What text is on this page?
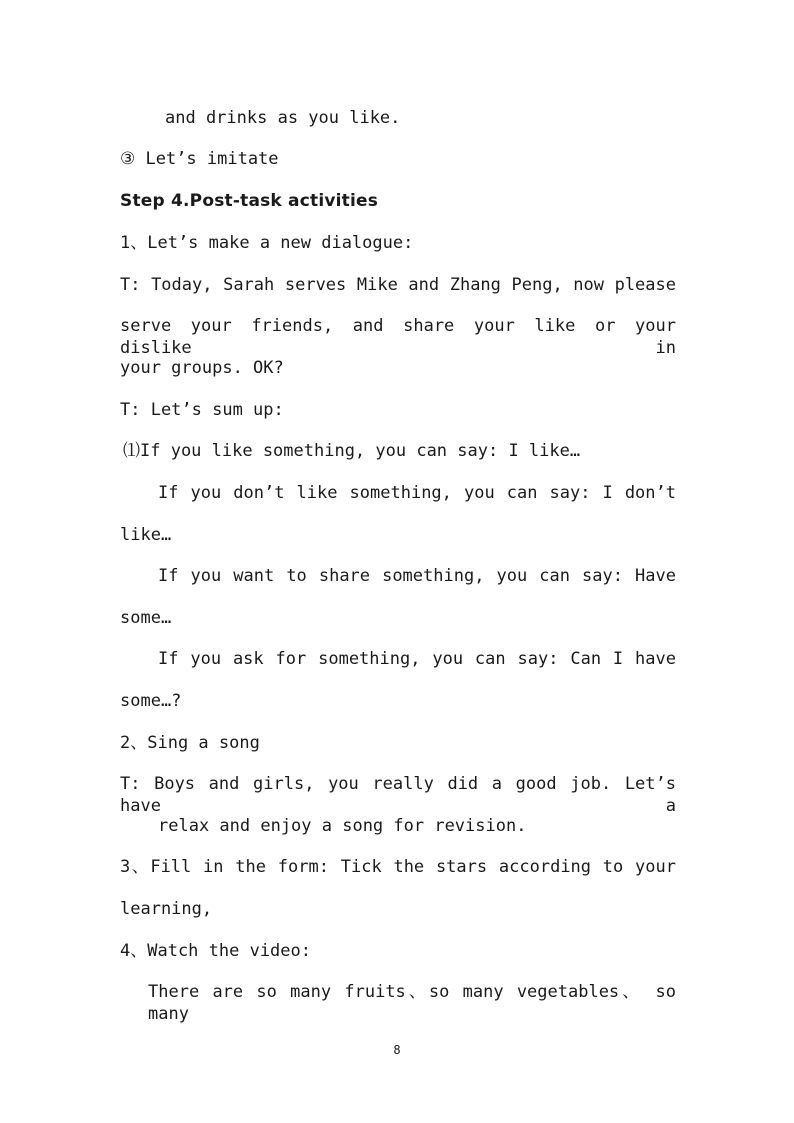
and drinks as you like.
③ Let’s imitate
Step 4.Post-task activities
1、Let’s make a new dialogue:
T: Today, Sarah serves Mike and Zhang Peng, now please
serve your friends, and share your like or your dislike in
your groups. OK?
T: Let’s sum up:
⑴If you like something, you can say: I like…
If you don’t like something, you can say: I don’t
like…
If you want to share something, you can say: Have
some…
If you ask for something, you can say: Can I have
some…?
2、Sing a song
T: Boys and girls, you really did a good job. Let’s have a
relax and enjoy a song for revision.
3、Fill in the form: Tick the stars according to your
learning,
4、Watch the video:
There are so many fruits、so many vegetables、 so many
8
